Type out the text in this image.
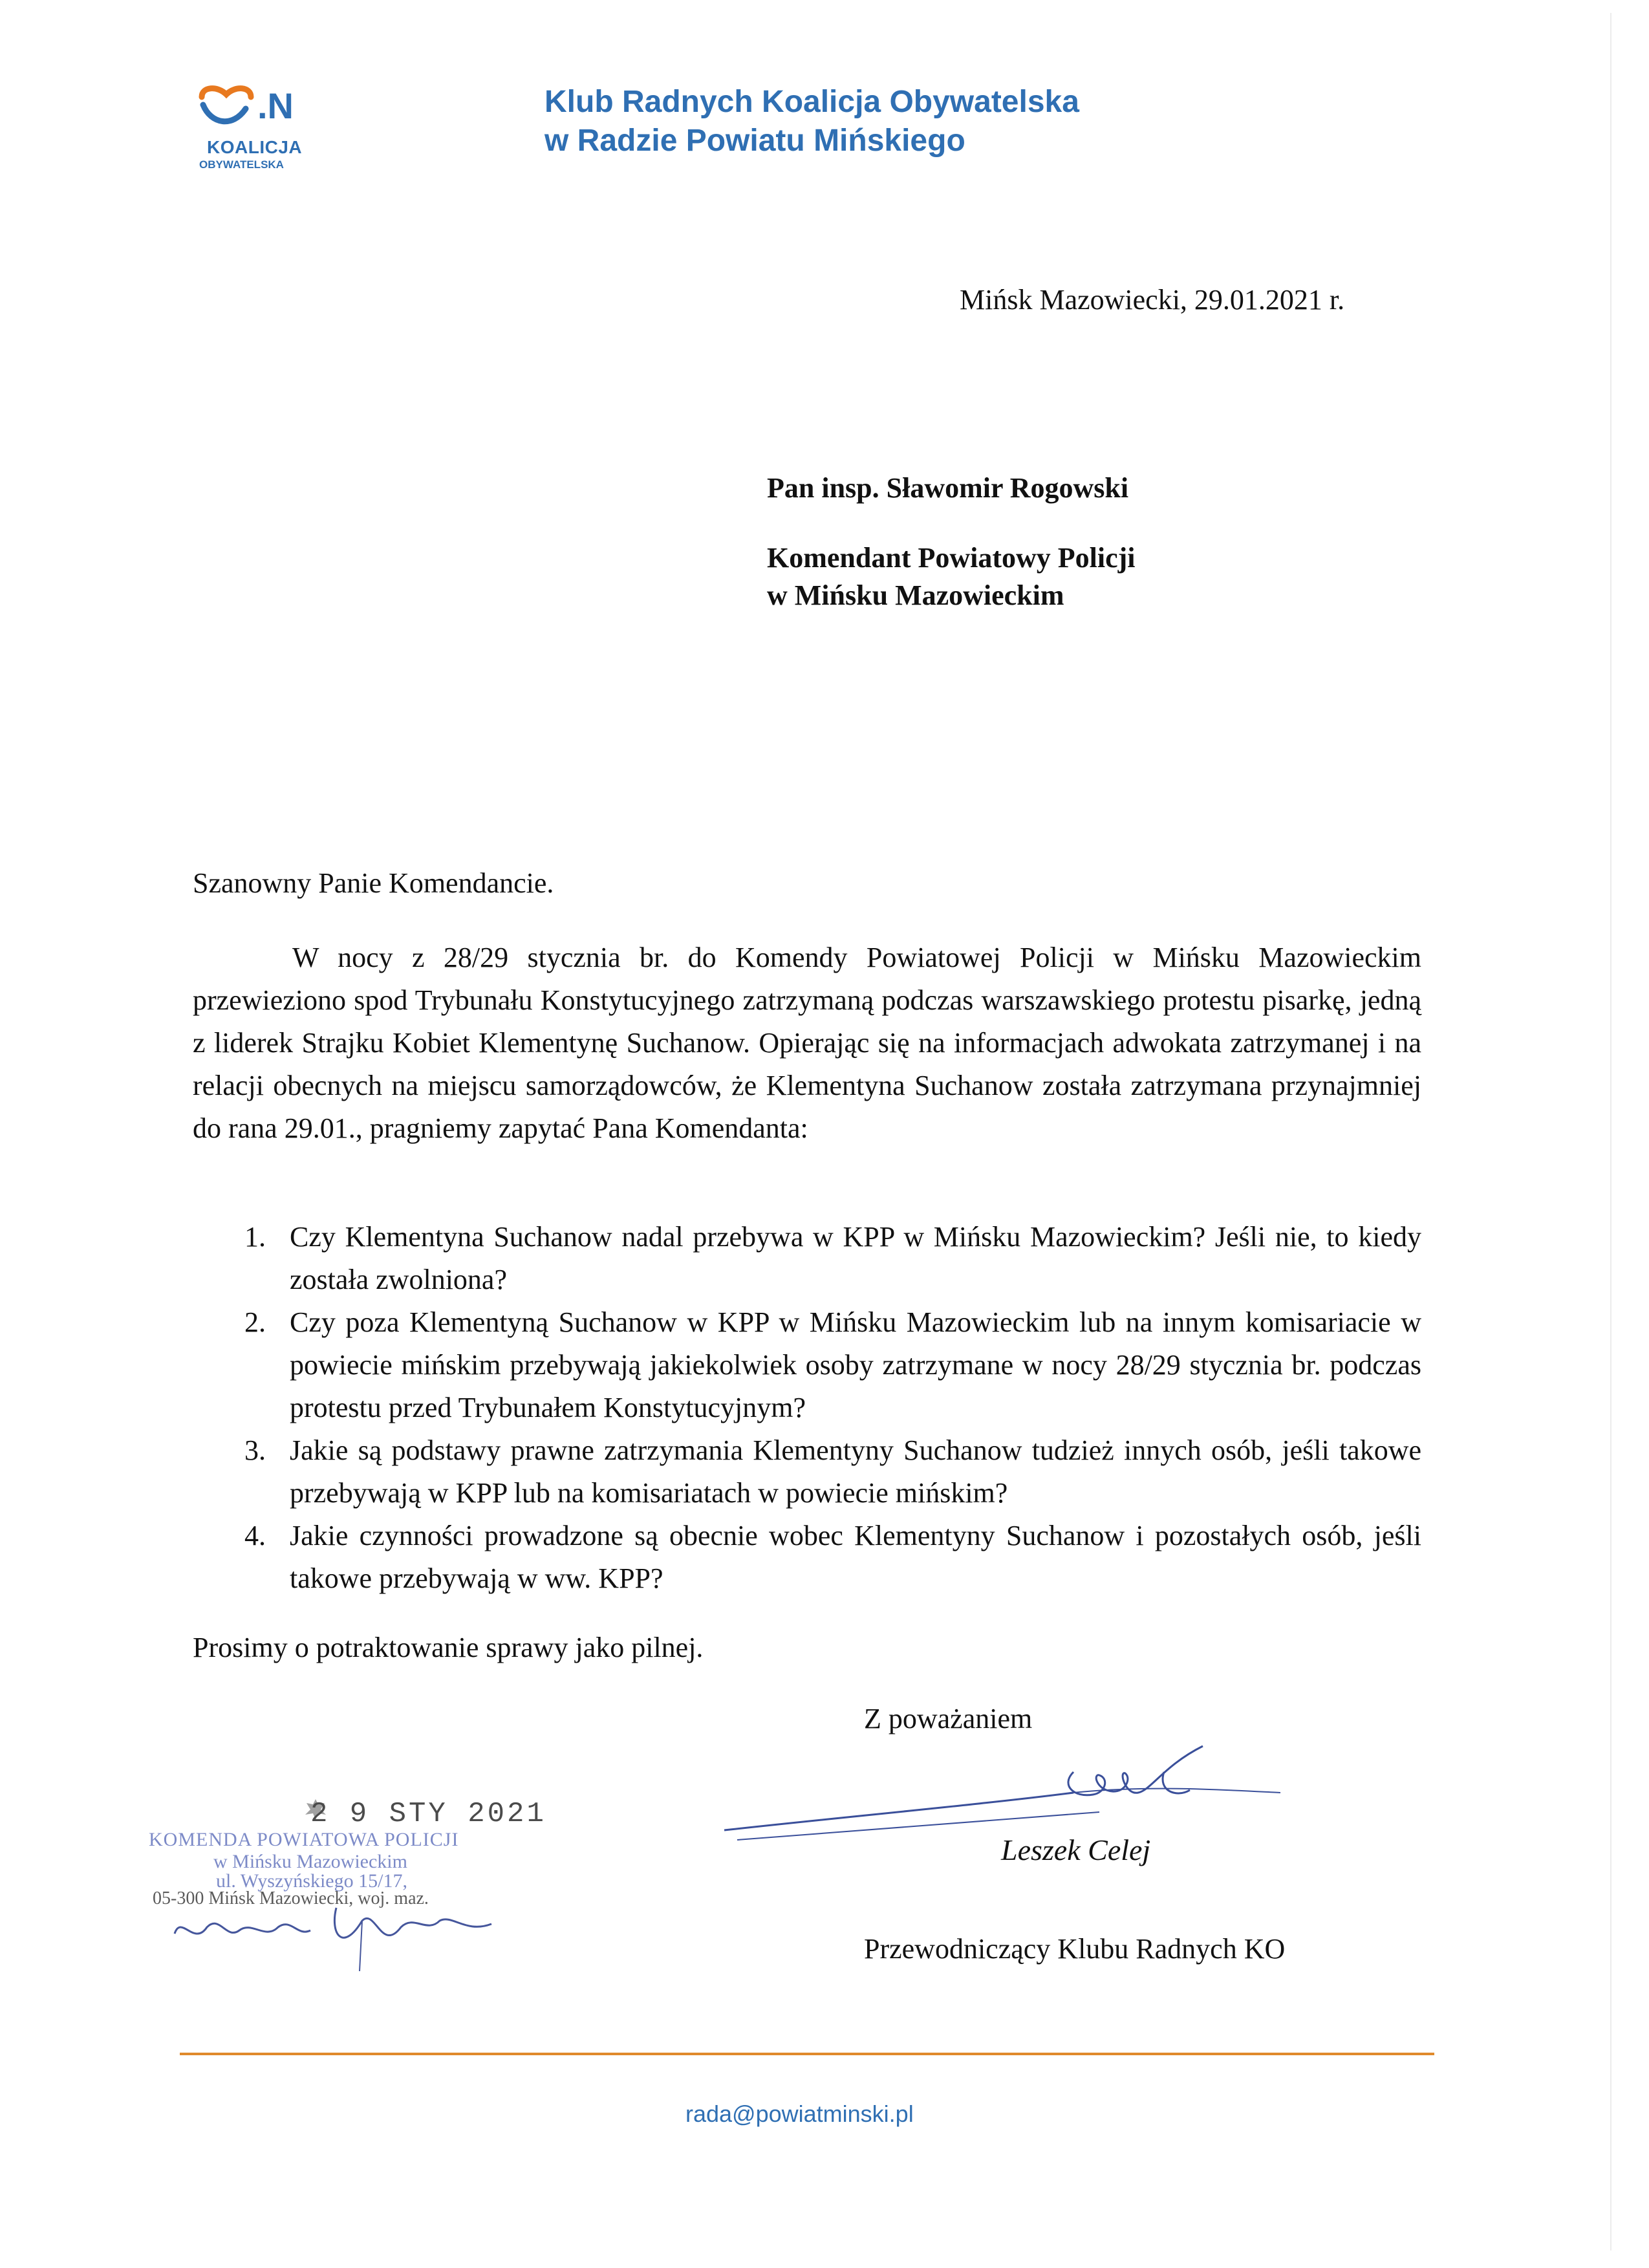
.N
KOALICJA
OBYWATELSKA
Klub Radnych Koalicja Obywatelska
w Radzie Powiatu Mińskiego
Mińsk Mazowiecki, 29.01.2021 r.
Pan insp. Sławomir Rogowski
Komendant Powiatowy Policji
w Mińsku Mazowieckim
Szanowny Panie Komendancie.
W nocy z 28/29 stycznia br. do Komendy Powiatowej Policji w Mińsku Mazowieckim przewieziono spod Trybunału Konstytucyjnego zatrzymaną podczas warszawskiego protestu pisarkę, jedną z liderek Strajku Kobiet Klementynę Suchanow. Opierając się na informacjach adwokata zatrzymanej i na relacji obecnych na miejscu samorządowców, że Klementyna Suchanow została zatrzymana przynajmniej do rana 29.01., pragniemy zapytać Pana Komendanta:
1. Czy Klementyna Suchanow nadal przebywa w KPP w Mińsku Mazowieckim? Jeśli nie, to kiedy została zwolniona?
2. Czy poza Klementyną Suchanow w KPP w Mińsku Mazowieckim lub na innym komisariacie w powiecie mińskim przebywają jakiekolwiek osoby zatrzymane w nocy 28/29 stycznia br. podczas protestu przed Trybunałem Konstytucyjnym?
3. Jakie są podstawy prawne zatrzymania Klementyny Suchanow tudzież innych osób, jeśli takowe przebywają w KPP lub na komisariatach w powiecie mińskim?
4. Jakie czynności prowadzone są obecnie wobec Klementyny Suchanow i pozostałych osób, jeśli takowe przebywają w ww. KPP?
Prosimy o potraktowanie sprawy jako pilnej.
Z poważaniem
Leszek Celej
Przewodniczący Klubu Radnych KO
2 9 STY 2021
KOMENDA POWIATOWA POLICJI
w Mińsku Mazowieckim
ul. Wyszyńskiego 15/17,
05-300 Mińsk Mazowiecki, woj. maz.
rada@powiatminski.pl
